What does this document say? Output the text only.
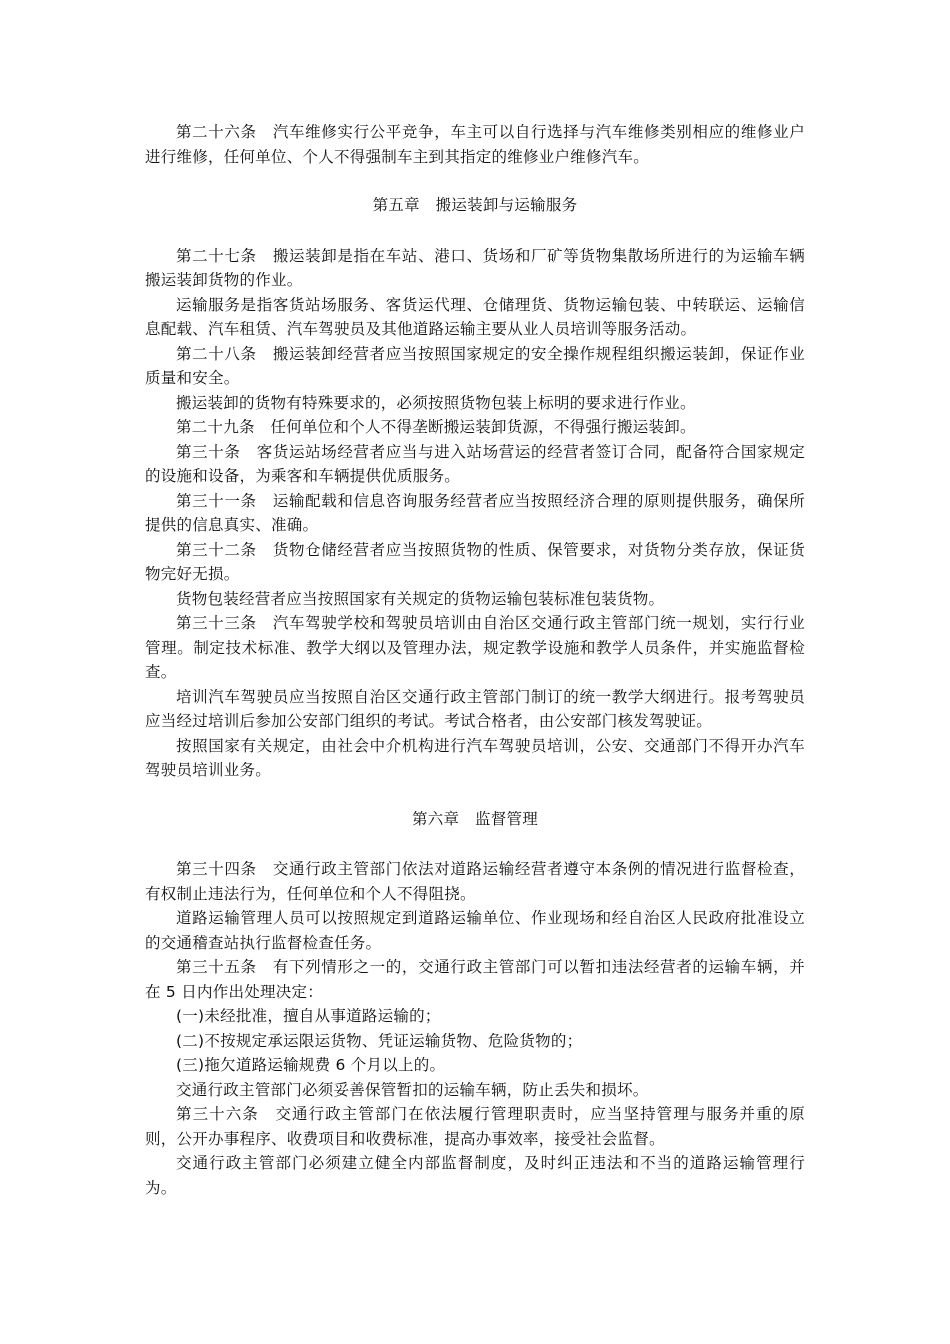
第二十六条　汽车维修实行公平竞争，车主可以自行选择与汽车维修类别相应的维修业户进行维修，任何单位、个人不得强制车主到其指定的维修业户维修汽车。

第五章　搬运装卸与运输服务

第二十七条　搬运装卸是指在车站、港口、货场和厂矿等货物集散场所进行的为运输车辆搬运装卸货物的作业。

运输服务是指客货站场服务、客货运代理、仓储理货、货物运输包装、中转联运、运输信息配载、汽车租赁、汽车驾驶员及其他道路运输主要从业人员培训等服务活动。

第二十八条　搬运装卸经营者应当按照国家规定的安全操作规程组织搬运装卸，保证作业质量和安全。

搬运装卸的货物有特殊要求的，必须按照货物包装上标明的要求进行作业。

第二十九条　任何单位和个人不得垄断搬运装卸货源，不得强行搬运装卸。

第三十条　客货运站场经营者应当与进入站场营运的经营者签订合同，配备符合国家规定的设施和设备，为乘客和车辆提供优质服务。

第三十一条　运输配载和信息咨询服务经营者应当按照经济合理的原则提供服务，确保所提供的信息真实、准确。

第三十二条　货物仓储经营者应当按照货物的性质、保管要求，对货物分类存放，保证货物完好无损。

货物包装经营者应当按照国家有关规定的货物运输包装标准包装货物。

第三十三条　汽车驾驶学校和驾驶员培训由自治区交通行政主管部门统一规划，实行行业管理。制定技术标准、教学大纲以及管理办法，规定教学设施和教学人员条件，并实施监督检查。

培训汽车驾驶员应当按照自治区交通行政主管部门制订的统一教学大纲进行。报考驾驶员应当经过培训后参加公安部门组织的考试。考试合格者，由公安部门核发驾驶证。

按照国家有关规定，由社会中介机构进行汽车驾驶员培训，公安、交通部门不得开办汽车驾驶员培训业务。

第六章　监督管理

第三十四条　交通行政主管部门依法对道路运输经营者遵守本条例的情况进行监督检查，有权制止违法行为，任何单位和个人不得阻挠。

道路运输管理人员可以按照规定到道路运输单位、作业现场和经自治区人民政府批准设立的交通稽查站执行监督检查任务。

第三十五条　有下列情形之一的，交通行政主管部门可以暂扣违法经营者的运输车辆，并在 5 日内作出处理决定：

(一)未经批准，擅自从事道路运输的；

(二)不按规定承运限运货物、凭证运输货物、危险货物的；

(三)拖欠道路运输规费 6 个月以上的。

交通行政主管部门必须妥善保管暂扣的运输车辆，防止丢失和损坏。

第三十六条　交通行政主管部门在依法履行管理职责时，应当坚持管理与服务并重的原则，公开办事程序、收费项目和收费标准，提高办事效率，接受社会监督。

交通行政主管部门必须建立健全内部监督制度，及时纠正违法和不当的道路运输管理行为。
